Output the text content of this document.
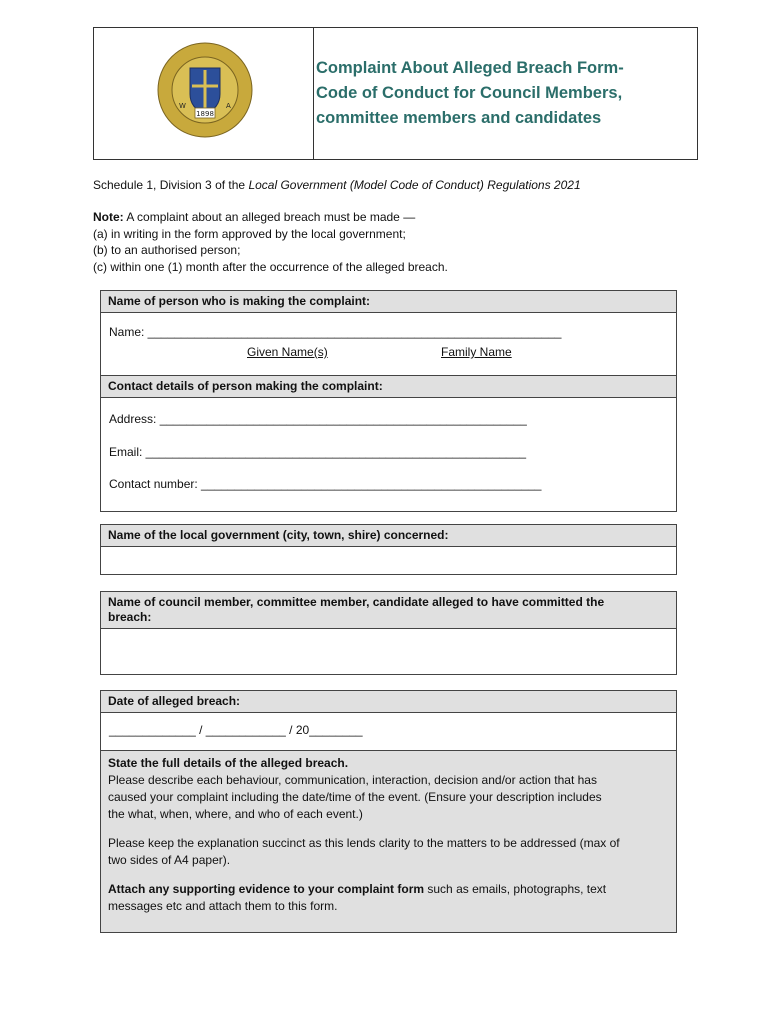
1898
W	A
Complaint About Alleged Breach Form-
Code of Conduct for Council Members,
committee members and candidates
Schedule 1, Division 3 of the Local Government (Model Code of Conduct) Regulations 2021
Note: A complaint about an alleged breach must be made —
(a) in writing in the form approved by the local government;
(b) to an authorised person;
(c) within one (1) month after the occurrence of the alleged breach.
Name of person who is making the complaint:
Name: ______________________________________________________________
Given Name(s)	Family Name
Contact details of person making the complaint:
Address: _______________________________________________________
Email: _________________________________________________________
Contact number: ___________________________________________________
Name of the local government (city, town, shire) concerned:
Name of council member, committee member, candidate alleged to have committed the
breach:
Date of alleged breach:
_____________ / ____________ / 20________
State the full details of the alleged breach.
Please describe each behaviour, communication, interaction, decision and/or action that has
caused your complaint including the date/time of the event. (Ensure your description includes
the what, when, where, and who of each event.)
Please keep the explanation succinct as this lends clarity to the matters to be addressed (max of
two sides of A4 paper).
Attach any supporting evidence to your complaint form such as emails, photographs, text
messages etc and attach them to this form.
